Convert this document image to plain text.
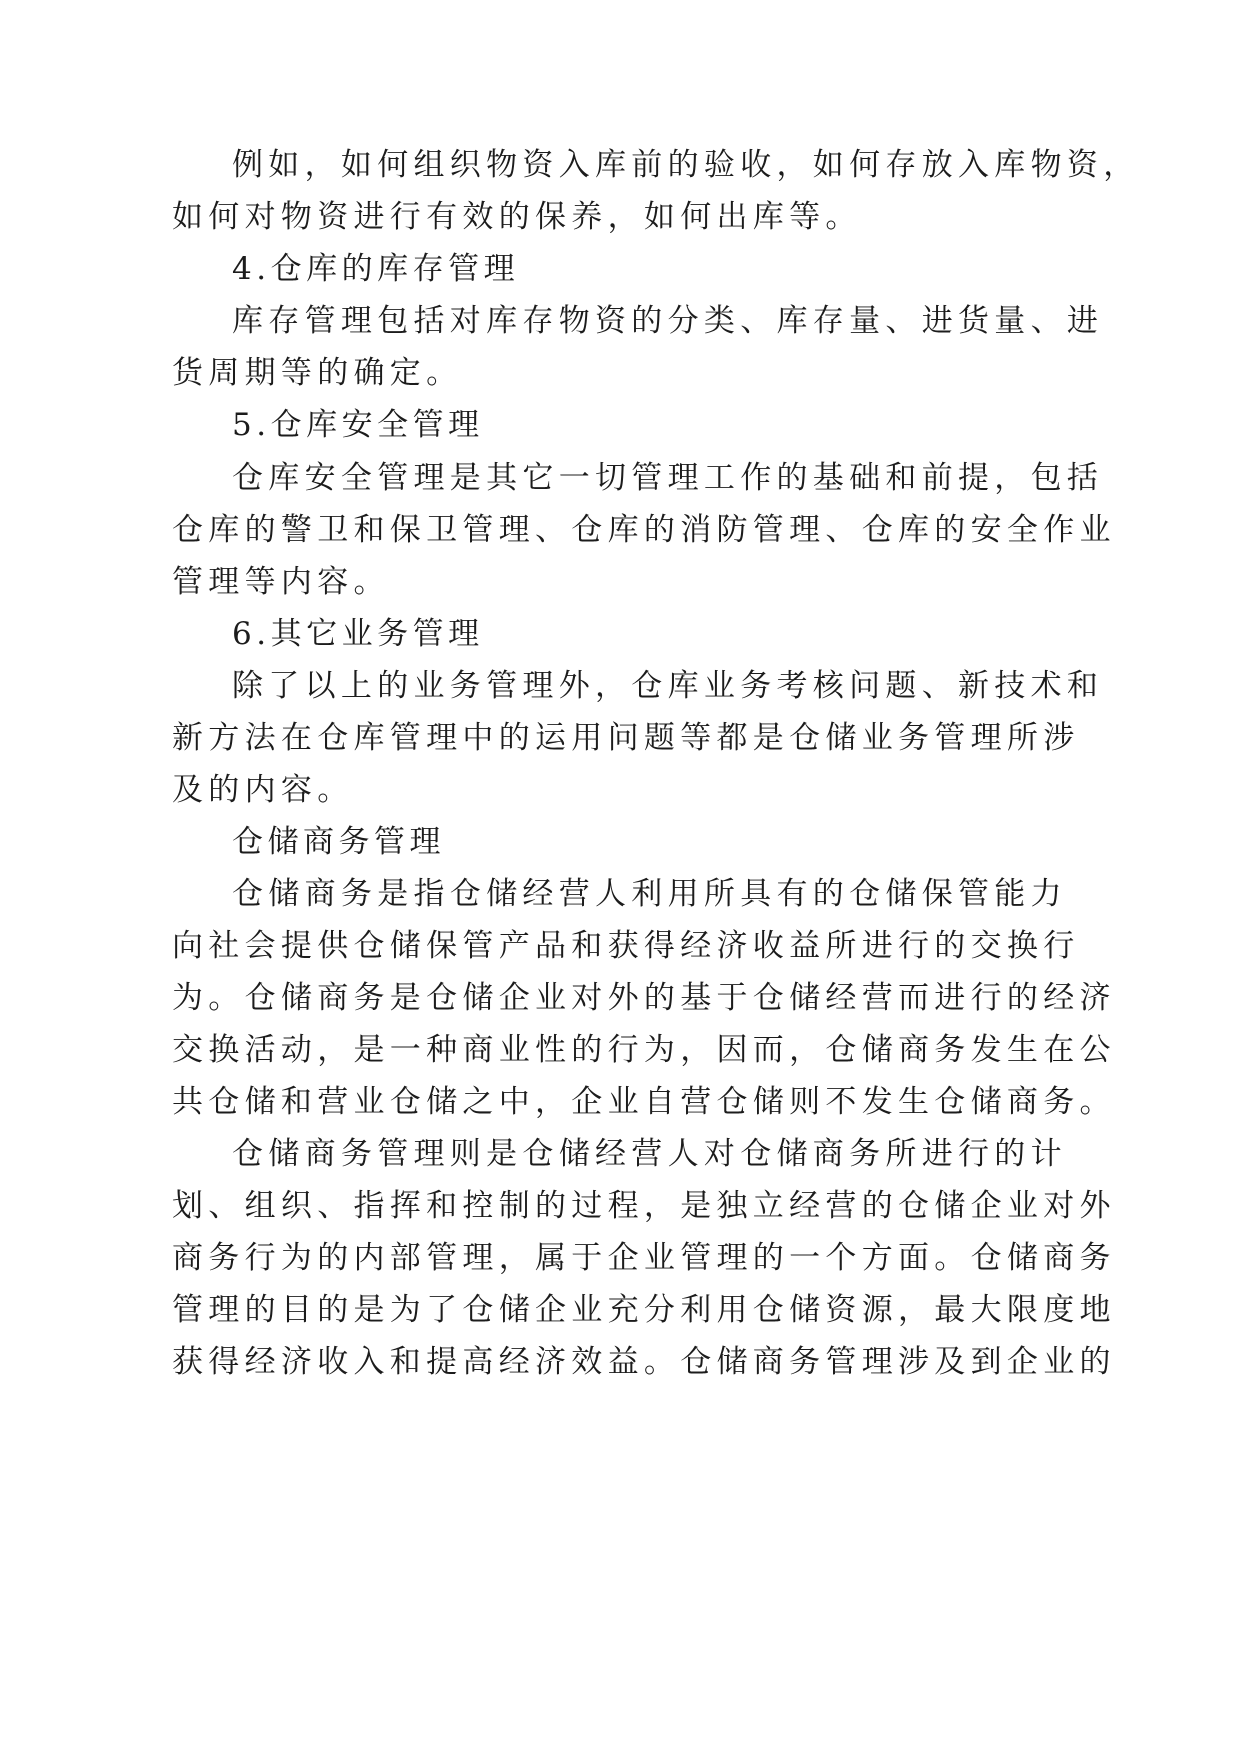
例如，如何组织物资入库前的验收，如何存放入库物资，
如何对物资进行有效的保养，如何出库等。
4.仓库的库存管理
库存管理包括对库存物资的分类、库存量、进货量、进
货周期等的确定。
5.仓库安全管理
仓库安全管理是其它一切管理工作的基础和前提，包括
仓库的警卫和保卫管理、仓库的消防管理、仓库的安全作业
管理等内容。
6.其它业务管理
除了以上的业务管理外，仓库业务考核问题、新技术和
新方法在仓库管理中的运用问题等都是仓储业务管理所涉
及的内容。
仓储商务管理
仓储商务是指仓储经营人利用所具有的仓储保管能力
向社会提供仓储保管产品和获得经济收益所进行的交换行
为。仓储商务是仓储企业对外的基于仓储经营而进行的经济
交换活动，是一种商业性的行为，因而，仓储商务发生在公
共仓储和营业仓储之中，企业自营仓储则不发生仓储商务。
仓储商务管理则是仓储经营人对仓储商务所进行的计
划、组织、指挥和控制的过程，是独立经营的仓储企业对外
商务行为的内部管理，属于企业管理的一个方面。仓储商务
管理的目的是为了仓储企业充分利用仓储资源，最大限度地
获得经济收入和提高经济效益。仓储商务管理涉及到企业的
